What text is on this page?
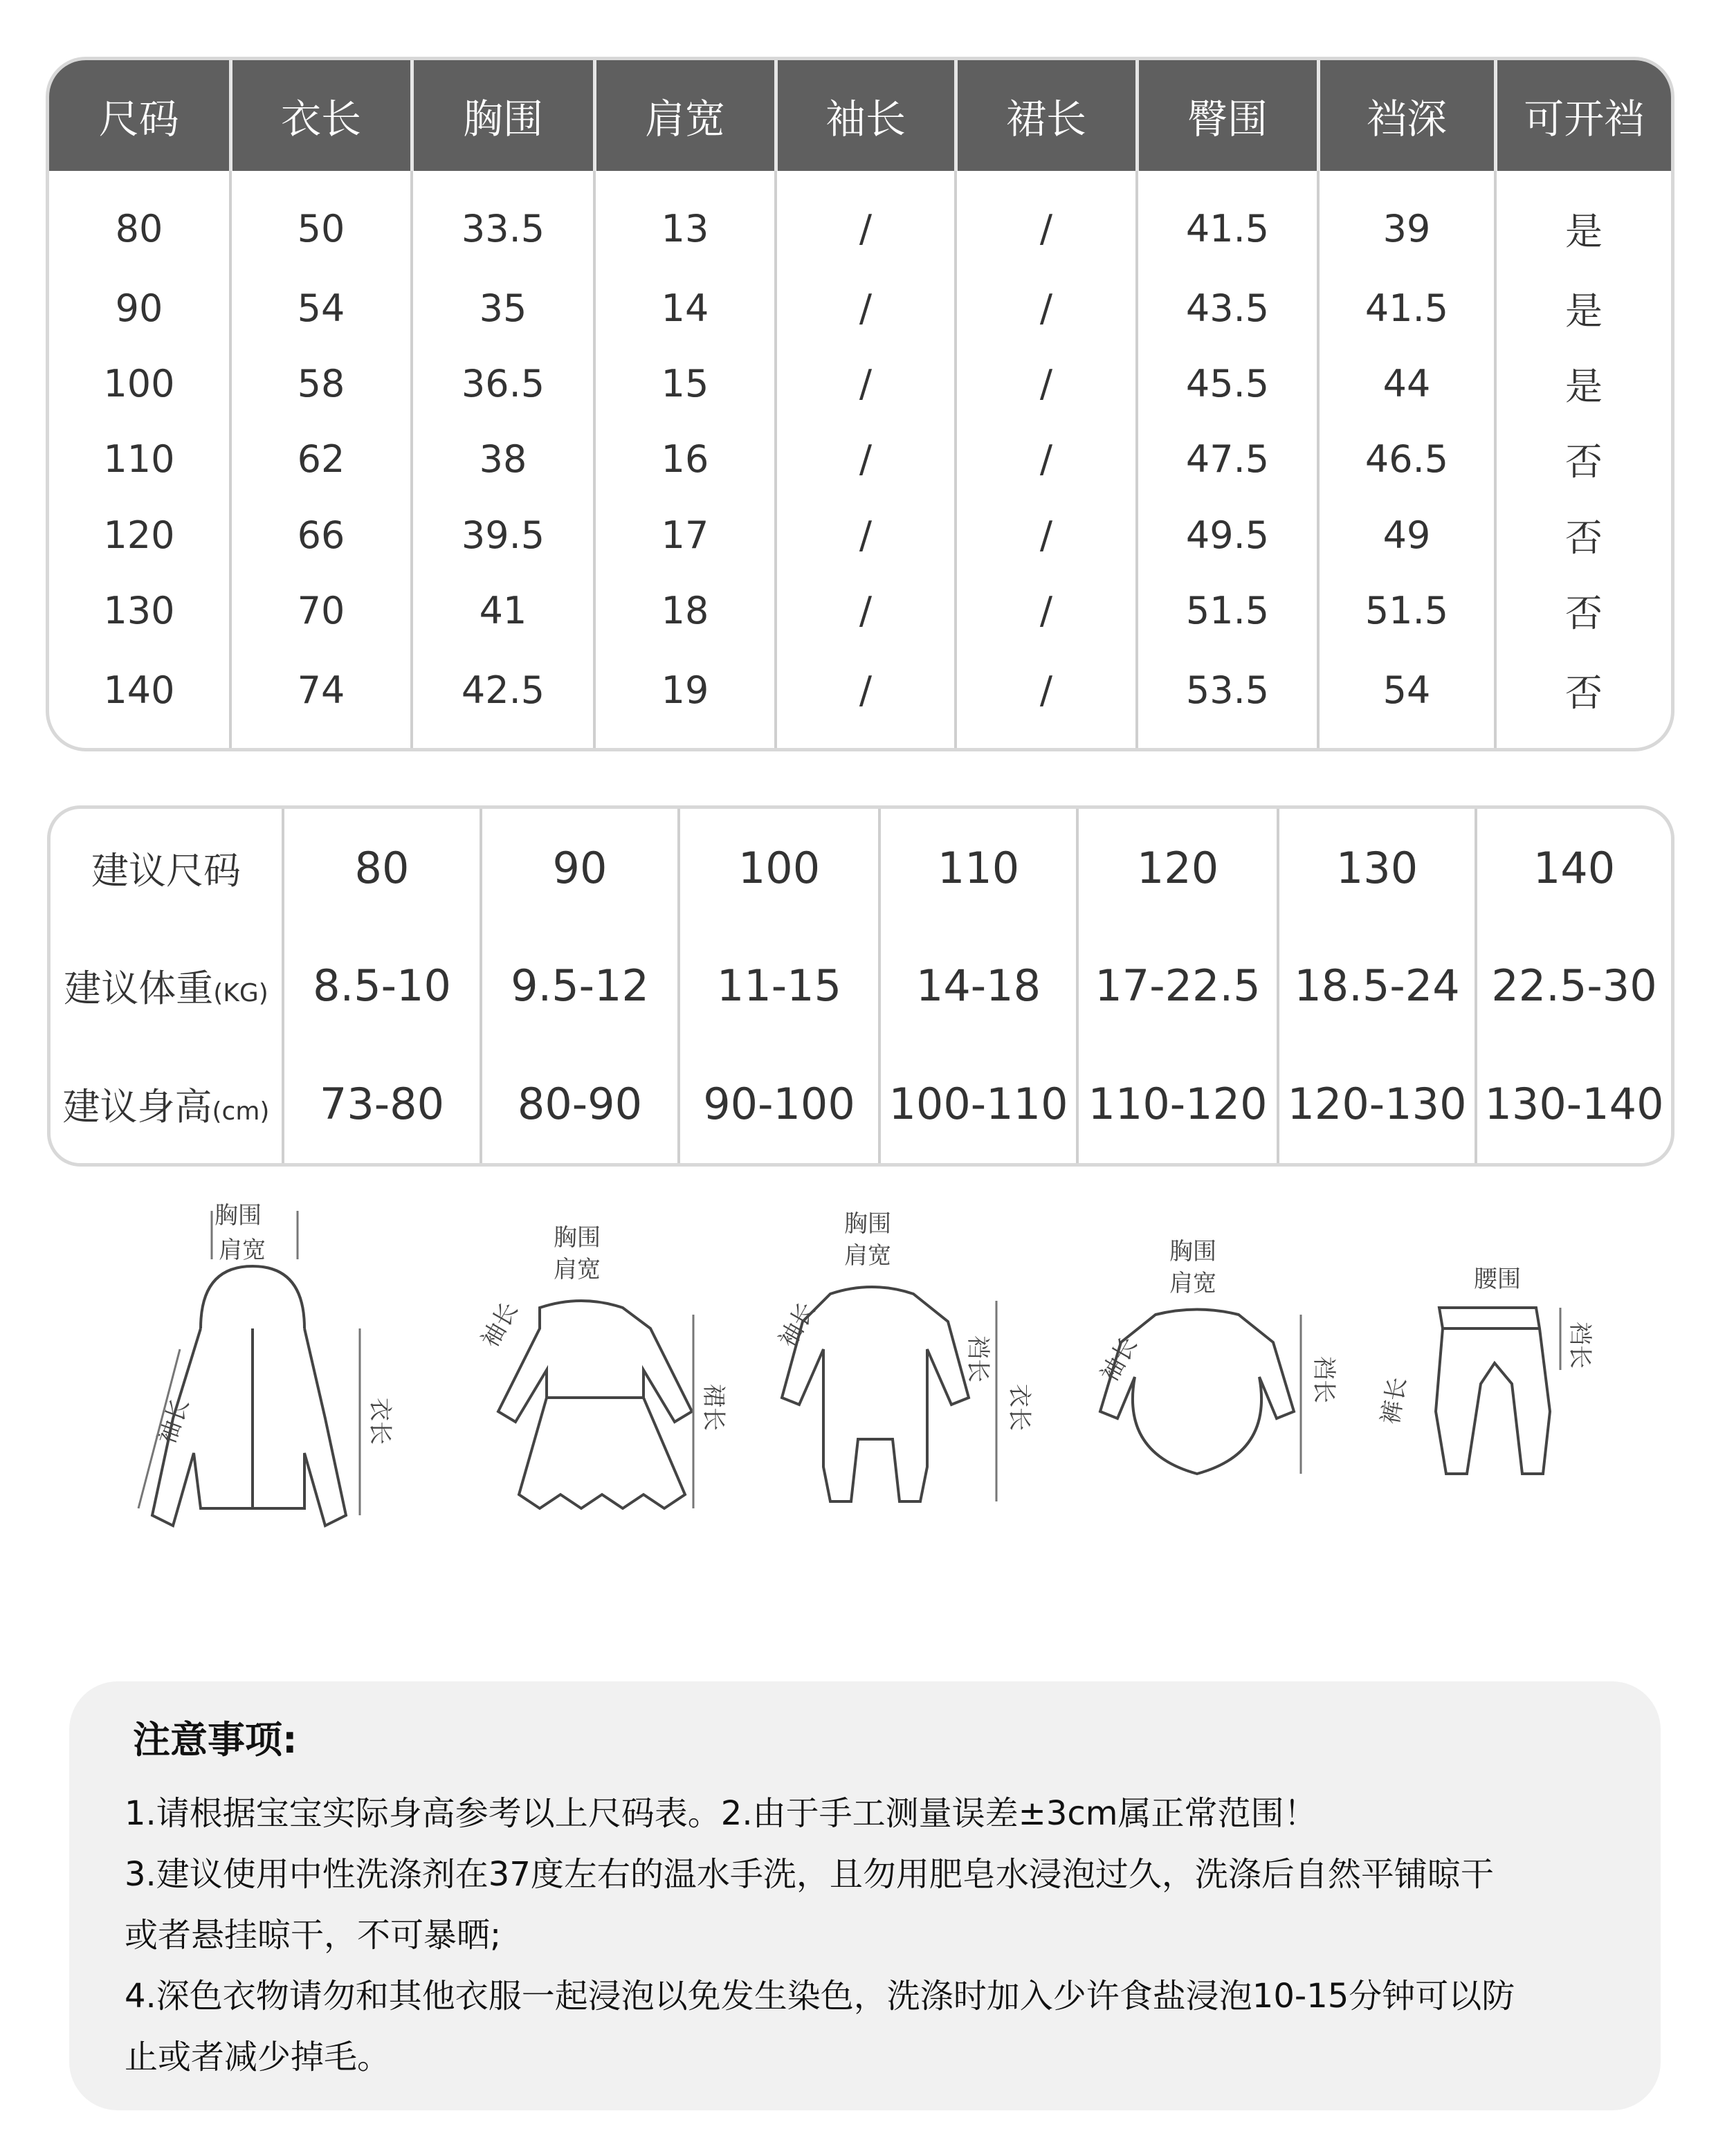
尺码	衣长	胸围	肩宽	袖长	裙长	臀围	裆深	可开裆
80	50	33.5	13	/	/	41.5	39	是
90	54	35	14	/	/	43.5	41.5	是
100	58	36.5	15	/	/	45.5	44	是
110	62	38	16	/	/	47.5	46.5	否
120	66	39.5	17	/	/	49.5	49	否
130	70	41	18	/	/	51.5	51.5	否
140	74	42.5	19	/	/	53.5	54	否
建议尺码	80	90	100	110	120	130	140
建议体重(KG)	8.5-10	9.5-12	11-15	14-18	17-22.5	18.5-24	22.5-30
建议身高(cm)	73-80	80-90	90-100	100-110	110-120	120-130	130-140
胸围
肩宽
袖长	衣长
胸围
肩宽
袖长
裙长
胸围
肩宽
袖长
裆长
衣长
胸围
肩宽
袖长	裆长
腰围
裤长
裆长
注意事项:
1.请根据宝宝实际身高参考以上尺码表。2.由于手工测量误差±3cm属正常范围！
3.建议使用中性洗涤剂在37度左右的温水手洗，且勿用肥皂水浸泡过久，洗涤后自然平铺晾干
或者悬挂晾干，不可暴晒;
4.深色衣物请勿和其他衣服一起浸泡以免发生染色，洗涤时加入少许食盐浸泡10-15分钟可以防
止或者减少掉毛。
